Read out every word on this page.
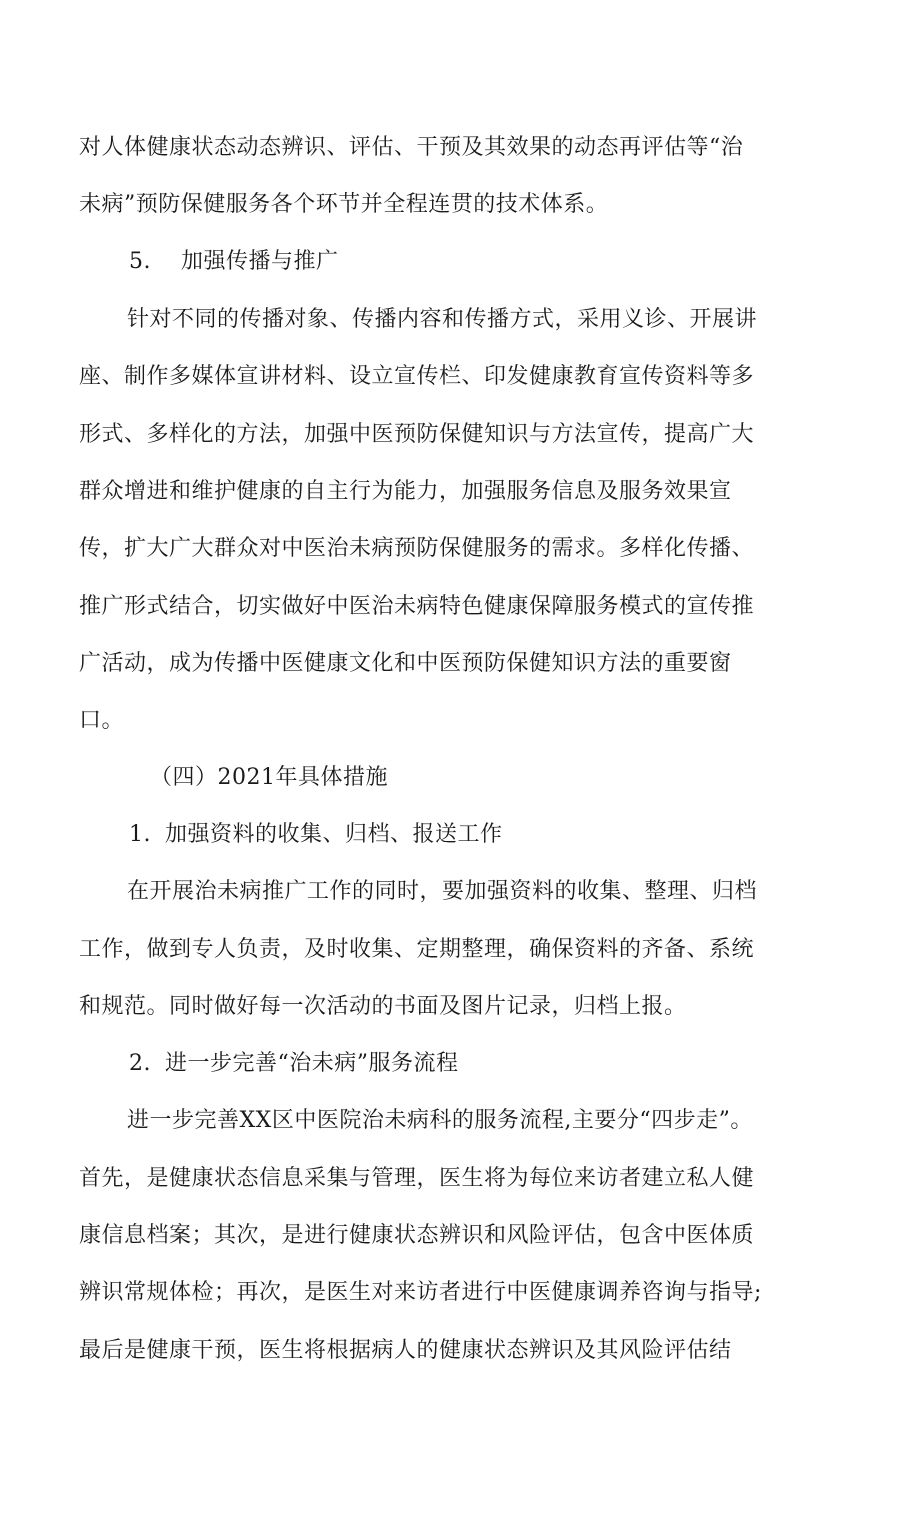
对人体健康状态动态辨识、评估、干预及其效果的动态再评估等“治
未病”预防保健服务各个环节并全程连贯的技术体系。
5. 加强传播与推广
针对不同的传播对象、传播内容和传播方式，采用义诊、开展讲
座、制作多媒体宣讲材料、设立宣传栏、印发健康教育宣传资料等多
形式、多样化的方法，加强中医预防保健知识与方法宣传，提高广大
群众增进和维护健康的自主行为能力，加强服务信息及服务效果宣
传，扩大广大群众对中医治未病预防保健服务的需求。多样化传播、
推广形式结合，切实做好中医治未病特色健康保障服务模式的宣传推
广活动，成为传播中医健康文化和中医预防保健知识方法的重要窗
口。
（四）2021年具体措施
1. 加强资料的收集、归档、报送工作
在开展治未病推广工作的同时，要加强资料的收集、整理、归档
工作，做到专人负责，及时收集、定期整理，确保资料的齐备、系统
和规范。同时做好每一次活动的书面及图片记录，归档上报。
2. 进一步完善“治未病”服务流程
进一步完善XX区中医院治未病科的服务流程,主要分“四步走”。
首先，是健康状态信息采集与管理，医生将为每位来访者建立私人健
康信息档案；其次，是进行健康状态辨识和风险评估，包含中医体质
辨识常规体检；再次，是医生对来访者进行中医健康调养咨询与指导;
最后是健康干预，医生将根据病人的健康状态辨识及其风险评估结
